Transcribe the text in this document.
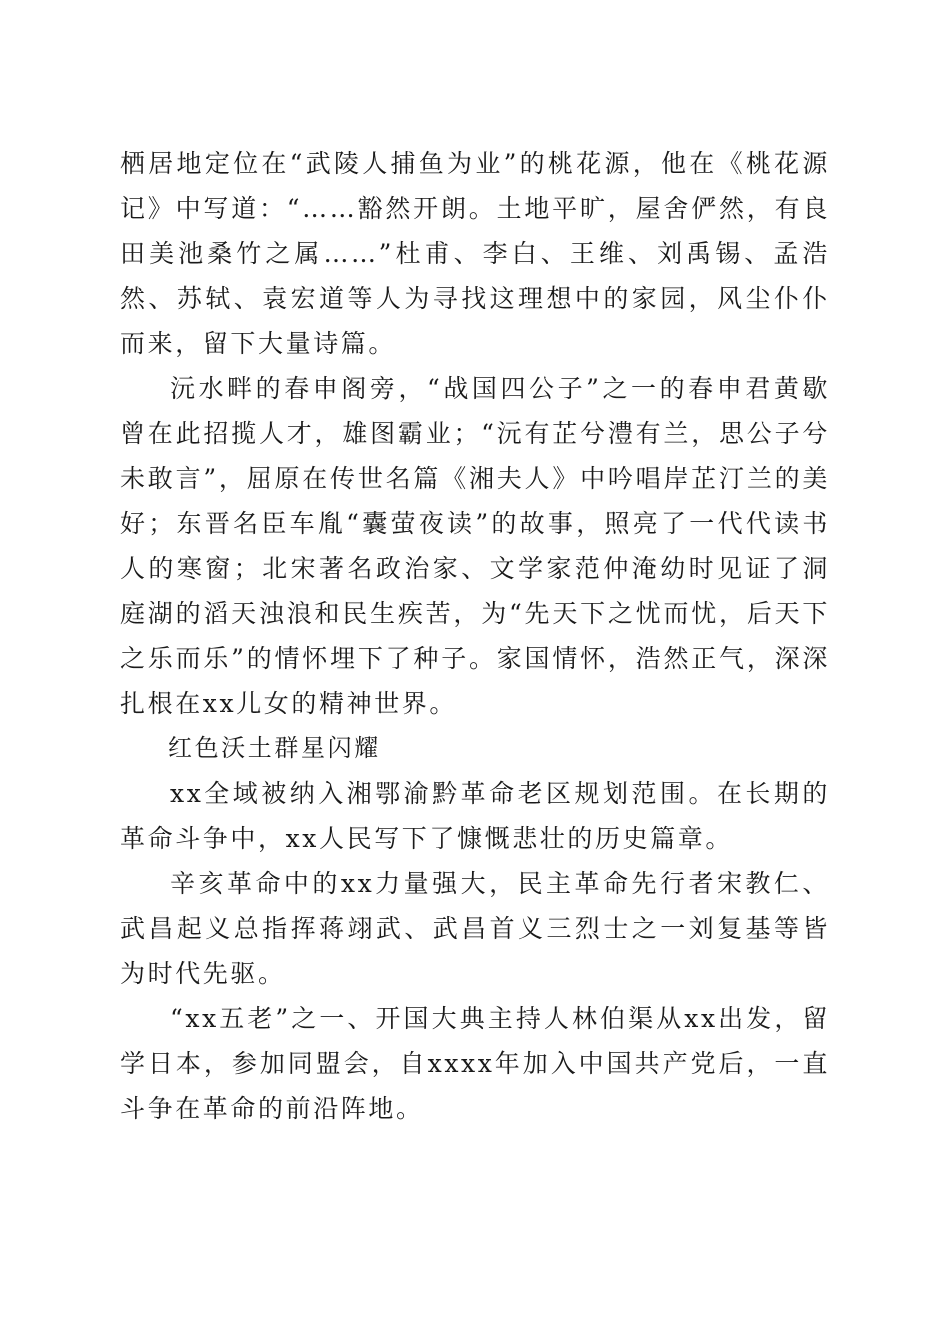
栖居地定位在“武陵人捕鱼为业”的桃花源，他在《桃花源记》中写道：“……豁然开朗。土地平旷，屋舍俨然，有良田美池桑竹之属……”杜甫、李白、王维、刘禹锡、孟浩然、苏轼、袁宏道等人为寻找这理想中的家园，风尘仆仆而来，留下大量诗篇。

沅水畔的春申阁旁，“战国四公子”之一的春申君黄歇曾在此招揽人才，雄图霸业；“沅有芷兮澧有兰，思公子兮未敢言”，屈原在传世名篇《湘夫人》中吟唱岸芷汀兰的美好；东晋名臣车胤“囊萤夜读”的故事，照亮了一代代读书人的寒窗；北宋著名政治家、文学家范仲淹幼时见证了洞庭湖的滔天浊浪和民生疾苦，为“先天下之忧而忧，后天下之乐而乐”的情怀埋下了种子。家国情怀，浩然正气，深深扎根在xx儿女的精神世界。

红色沃土群星闪耀

xx全域被纳入湘鄂渝黔革命老区规划范围。在长期的革命斗争中，xx人民写下了慷慨悲壮的历史篇章。

辛亥革命中的xx力量强大，民主革命先行者宋教仁、武昌起义总指挥蒋翊武、武昌首义三烈士之一刘复基等皆为时代先驱。

“xx五老”之一、开国大典主持人林伯渠从xx出发，留学日本，参加同盟会，自xxxx年加入中国共产党后，一直斗争在革命的前沿阵地。
